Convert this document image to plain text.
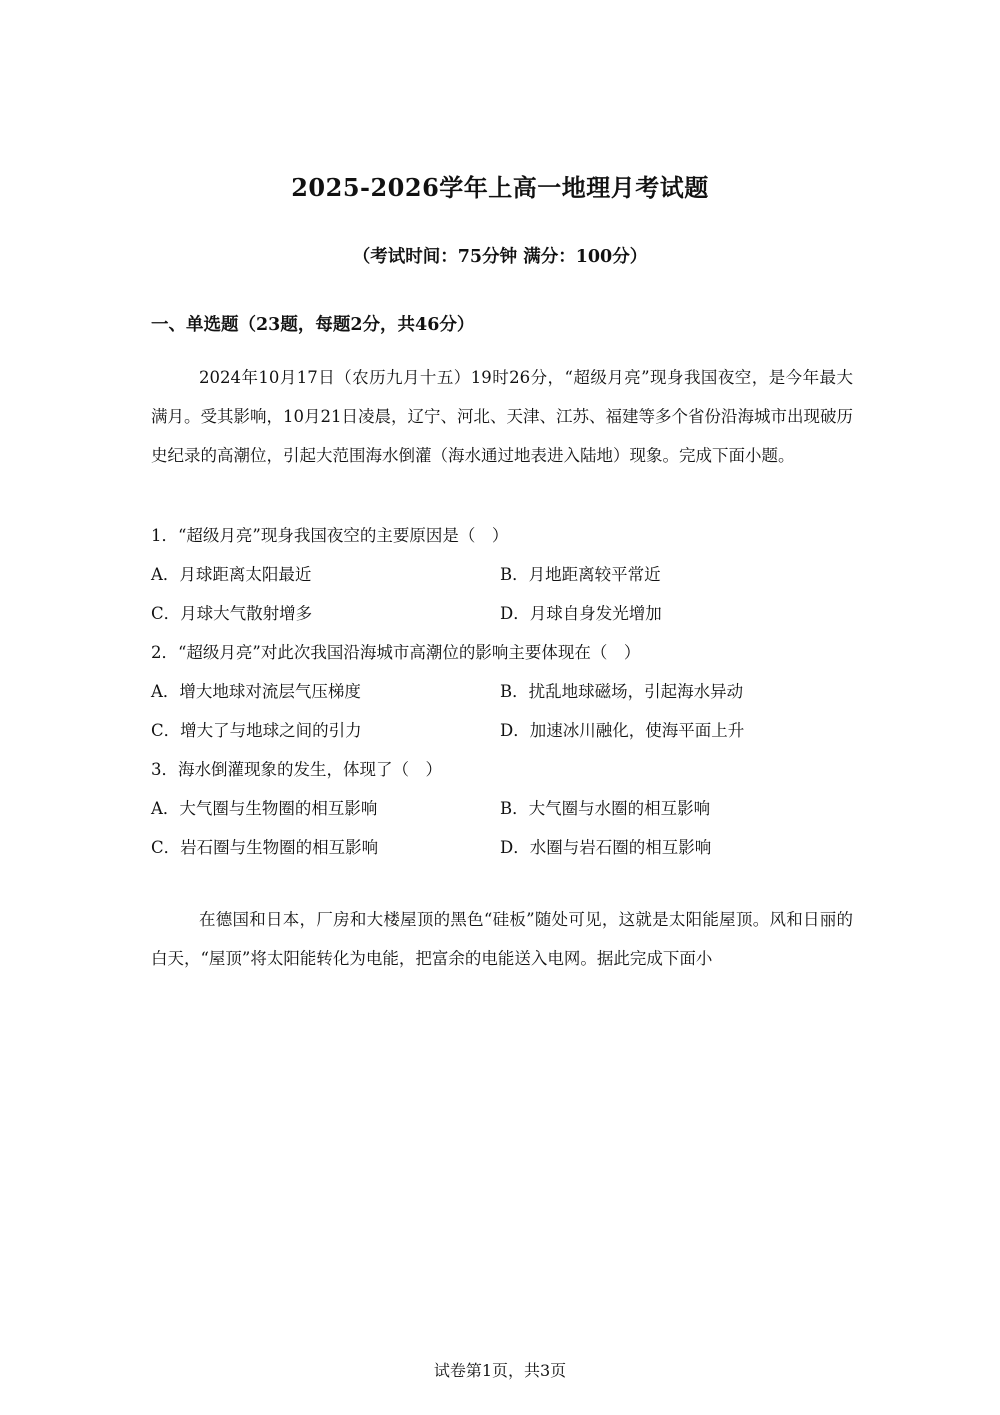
2025-2026学年上高一地理月考试题
（考试时间：75分钟 满分：100分）
一、单选题（23题，每题2分，共46分）

2024年10月17日（农历九月十五）19时26分，“超级月亮”现身我国夜空，是今年最大满月。受其影响，10月21日凌晨，辽宁、河北、天津、江苏、福建等多个省份沿海城市出现破历史纪录的高潮位，引起大范围海水倒灌（海水通过地表进入陆地）现象。完成下面小题。

1．“超级月亮”现身我国夜空的主要原因是（　）
A．月球距离太阳最近	B．月地距离较平常近
C．月球大气散射增多	D．月球自身发光增加
2．“超级月亮”对此次我国沿海城市高潮位的影响主要体现在（　）
A．增大地球对流层气压梯度	B．扰乱地球磁场，引起海水异动
C．增大了与地球之间的引力	D．加速冰川融化，使海平面上升
3．海水倒灌现象的发生，体现了（　）
A．大气圈与生物圈的相互影响	B．大气圈与水圈的相互影响
C．岩石圈与生物圈的相互影响	D．水圈与岩石圈的相互影响

在德国和日本，厂房和大楼屋顶的黑色“硅板”随处可见，这就是太阳能屋顶。风和日丽的白天，“屋顶”将太阳能转化为电能，把富余的电能送入电网。据此完成下面小

试卷第1页，共3页
